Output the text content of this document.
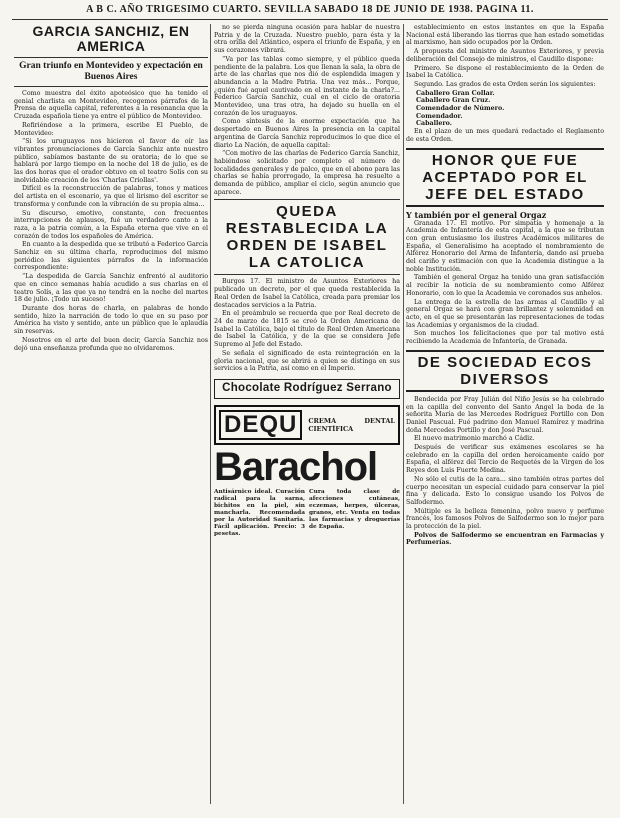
A B C. AÑO TRIGESIMO CUARTO. SEVILLA SABADO 18 DE JUNIO DE 1938. PAGINA 11.
GARCIA SANCHIZ, EN AMERICA
Gran triunfo en Montevideo y expectación en Buenos Aires

Como muestra del éxito apoteósico que ha tenido el genial charlista en Montevideo, recogemos párrafos de la Prensa de aquella capital, referentes a la resonancia que la Cruzada española tiene ya entre el público de Montevideo.

Refiriéndose a la primera, escribe El Pueblo, de Montevideo:

“Si los uruguayos nos hicieron el favor de oír las vibrantes pronunciaciones de García Sanchiz ante nuestro público, sabíamos bastante de su oratoria; de lo que se hablará por largo tiempo en la noche del 18 de julio, es de las dos horas que el orador obtuvo en el teatro Solís con su inolvidable creación de los 'Charlas Criollas'.

Difícil es la reconstrucción de palabras, tonos y matices del artista en el escenario, ya que el lirismo del escritor se transforma y confunde con la vibración de su propia alma...

Su discurso, emotivo, constante, con frecuentes interrupciones de aplausos, fué un verdadero canto a la raza, a la patria común, a la España eterna que vive en el corazón de todos los españoles de América.

En cuanto a la despedida que se tributó a Federico García Sanchiz en su última charla, reproducimos del mismo periódico las siguientes párrafos de la información correspondiente:

“La despedida de García Sanchiz enfrentó al auditorio que en cinco semanas había acudido a sus charlas en el teatro Solís, a las que ya no tendrá en la noche del martes 18 de julio. ¡Todo un suceso!

Durante dos horas de charla, en palabras de hondo sentido, hizo la narración de todo lo que en su paso por América ha visto y sentido, ante un público que le aplaudía sin reservas.

Nosotros en el arte del buen decir, García Sanchiz nos dejó una enseñanza profunda que no olvidaremos.

no se pierda ninguna ocasión para hablar de nuestra Patria y de la Cruzada. Nuestro pueblo, para ésta y la otra orilla del Atlántico, espera el triunfo de España, y en sus corazones vibrará.

“Va por las tablas como siempre, y el público queda pendiente de la palabra. Los que llenan la sala, la obra de arte de las charlas que nos dió de esplendida imagen y abundancia a la Madre Patria. Una vez más... Porque, ¿quién fué aquel cautivado en el instante de la charla?... Federico García Sanchiz, cual en el ciclo de oratoria Montevideo, una tras otra, ha dejado su huella en el corazón de los uruguayos.

Como síntesis de la enorme expectación que ha despertado en Buenos Aires la presencia en la capital argentina de García Sanchiz reproducimos lo que dice el diario La Nación, de aquella capital:

“Con motivo de las charlas de Federico García Sanchiz, habiéndose solicitado por completo el número de localidades generales y de palco, que en el abono para las charlas se había prorrogado, la empresa ha resuelto a demanda de público, ampliar el ciclo, según anuncio que aparece.

QUEDA RESTABLECIDA LA ORDEN DE ISABEL LA CATOLICA

Burgos 17. El ministro de Asuntos Exteriores ha publicado un decreto, por el que queda restablecida la Real Orden de Isabel la Católica, creada para premiar los destacados servicios a la Patria.

En el preámbulo se recuerda que por Real decreto de 24 de marzo de 1815 se creó la Orden Americana de Isabel la Católica, bajo el título de Real Orden Americana de Isabel la Católica, y de la que se considera Jefe Supremo al Jefe del Estado.

Se señala el significado de esta reintegración en la gloria nacional, que se abrirá a quien se distinga en sus servicios a la Patria, así como en el Imperio.

Chocolate Rodríguez Serrano
DEQU	CREMA DENTAL CIENTÍFICA
Barachol
Antisárnico ideal. Curación radical para la sarna, bichitos en la piel, sin mancharla. Recomendada por la Autoridad Sanitaria. Fácil aplicación. Precio: 3 pesetas.
Cura toda clase de afecciones cutáneas, eczemas, herpes, úlceras, granos, etc. Venta en todas las farmacias y droguerías de España.

establecimiento en estos instantes en que la España Nacional está liberando las tierras que han estado sometidas al marxismo, han sido ocupados por la Orden.

A propuesta del ministro de Asuntos Exteriores, y previa deliberación del Consejo de ministros, el Caudillo dispone:

Primero. Se dispone el restablecimiento de la Orden de Isabel la Católica.

Segundo. Las grados de esta Orden serán los siguientes:

Caballero Gran Collar.
Caballero Gran Cruz.
Comendador de Número.
Comendador.
Caballero.

En el plazo de un mes quedará redactado el Reglamento de esta Orden.

HONOR QUE FUE ACEPTADO POR EL JEFE DEL ESTADO
Y también por el general Orgaz

Granada 17. El motivo. Por simpatía y homenaje a la Academia de Infantería de esta capital, a la que se tributan con gran entusiasmo los ilustres Académicos militares de España, el Generalísimo ha aceptado el nombramiento de Alférez Honorario del Arma de Infantería, dando así prueba del cariño y estimación con que la Academia distingue a la noble Institución.

También el general Orgaz ha tenido una gran satisfacción al recibir la noticia de su nombramiento como Alférez Honorario, con lo que la Academia ve coronados sus anhelos.

La entrega de la estrella de las armas al Caudillo y al general Orgaz se hará con gran brillantez y solemnidad en acto, en el que se presentarán las representaciones de todas las Academias y organismos de la ciudad.

Son muchos los felicitaciones que por tal motivo está recibiendo la Academia de Infantería, de Granada.

DE SOCIEDAD ECOS DIVERSOS

Bendecida por Fray Julián del Niño Jesús se ha celebrado en la capilla del convento del Santo Angel la boda de la señorita María de las Mercedes Rodríguez Portillo con Don Daniel Pascual. Fué padrino don Manuel Ramírez y madrina doña Mercedes Portillo y don José Pascual.

El nuevo matrimonio marchó a Cádiz.

Después de verificar sus exámenes escolares se ha celebrado en la capilla del orden heroicamente caído por España, el alférez del Tercio de Requetés de la Virgen de los Reyes don Luis Fuerte Medina.

No sólo el cutis de la cara... sino también otras partes del cuerpo necesitan un especial cuidado para conservar la piel fina y delicada. Esto lo consigue usando los Polvos de Salfodermo.

Múltiple es la belleza femenina, polvo nuevo y perfume francés, los famosos Polvos de Salfodermo son lo mejor para la protección de la piel.

Polvos de Salfodermo se encuentran en Farmacias y Perfumerías.
